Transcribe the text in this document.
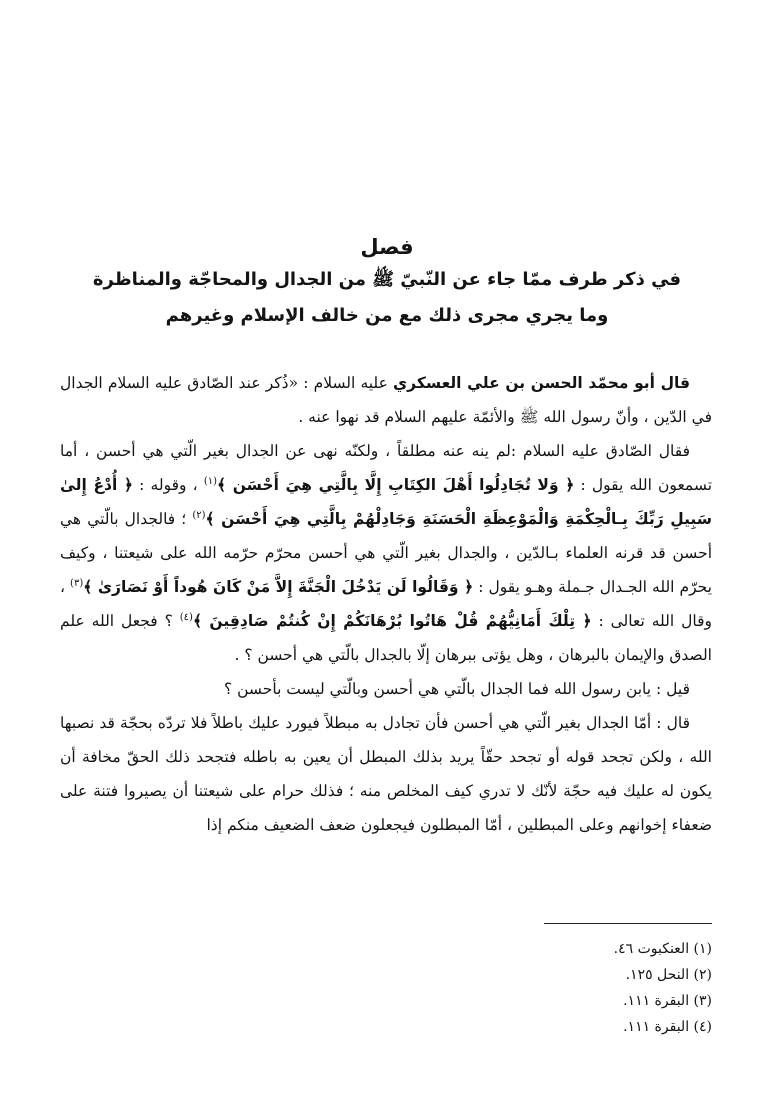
فصل

في ذكر طرف ممّا جاء عن النّبيّ ﷺ من الجدال والمحاجّة والمناظرة

وما يجري مجرى ذلك مع من خالف الإسلام وغيرهم

قال أبو محمّد الحسن بن علي العسكري عليه السلام : «ذُكر عند الصّادق عليه السلام الجدال في الدّين ، وأنّ رسول الله ﷺ والأئمّة عليهم السلام قد نهوا عنه .

فقال الصّادق عليه السلام :لم ينه عنه مطلقاً ، ولكنّه نهى عن الجدال بغير الّتي هي أحسن ، أما تسمعون الله يقول : ﴿ وَلا تُجَادِلُوا أَهْلَ الكِتَابِ إِلَّا بِالَّتِي هِيَ أَحْسَن ﴾$^{(١)}$ ، وقوله : ﴿ أُدْعُ إِلىٰ سَبِيلِ رَبِّكَ بِـالْحِكْمَةِ وَالْمَوْعِظَةِ الْحَسَنَةِ وَجَادِلْهُمْ بِالَّتِي هِيَ أَحْسَن ﴾$^{(٢)}$ ؛ فالجدال بالّتي هي أحسن قد قرنه العلماء بـالدّين ، والجدال بغير الّتي هي أحسن محرّم حرّمه الله على شيعتنا ، وكيف يحرّم الله الجـدال جـملة وهـو يقول : ﴿ وَقَالُوا لَن يَدْخُلَ الْجَنَّةَ إِلاَّ مَنْ كَانَ هُوداً أَوْ نَصَارَىٰ ﴾$^{(٣)}$ ، وقال الله تعالى : ﴿ تِلْكَ أَمَانِيُّهُمْ قُلْ هَاتُوا بُرْهَانَكُمْ إِنْ كُنتُمْ صَادِقِينَ ﴾$^{(٤)}$ ؟ فجعل الله علم الصدق والإيمان بالبرهان ، وهل يؤتى ببرهان إلّا بالجدال بالّتي هي أحسن ؟ .

قيل : يابن رسول الله فما الجدال بالّتي هي أحسن وبالّتي ليست بأحسن ؟

قال : أمّا الجدال بغير الّتي هي أحسن فأن تجادل به مبطلاً فيورد عليك باطلاً فلا تردّه بحجّة قد نصبها الله ، ولكن تجحد قوله أو تجحد حقّاً يريد بذلك المبطل أن يعين به باطله فتجحد ذلك الحقّ مخافة أن يكون له عليك فيه حجّة لأنّك لا تدري كيف المخلص منه ؛ فذلك حرام على شيعتنا أن يصيروا فتنة على ضعفاء إخوانهم وعلى المبطلين ، أمّا المبطلون فيجعلون ضعف الضعيف منكم إذا

(١) العنكبوت ٤٦.

(٢) النحل ١٢٥.

(٣) البقرة ١١١.

(٤) البقرة ١١١.
